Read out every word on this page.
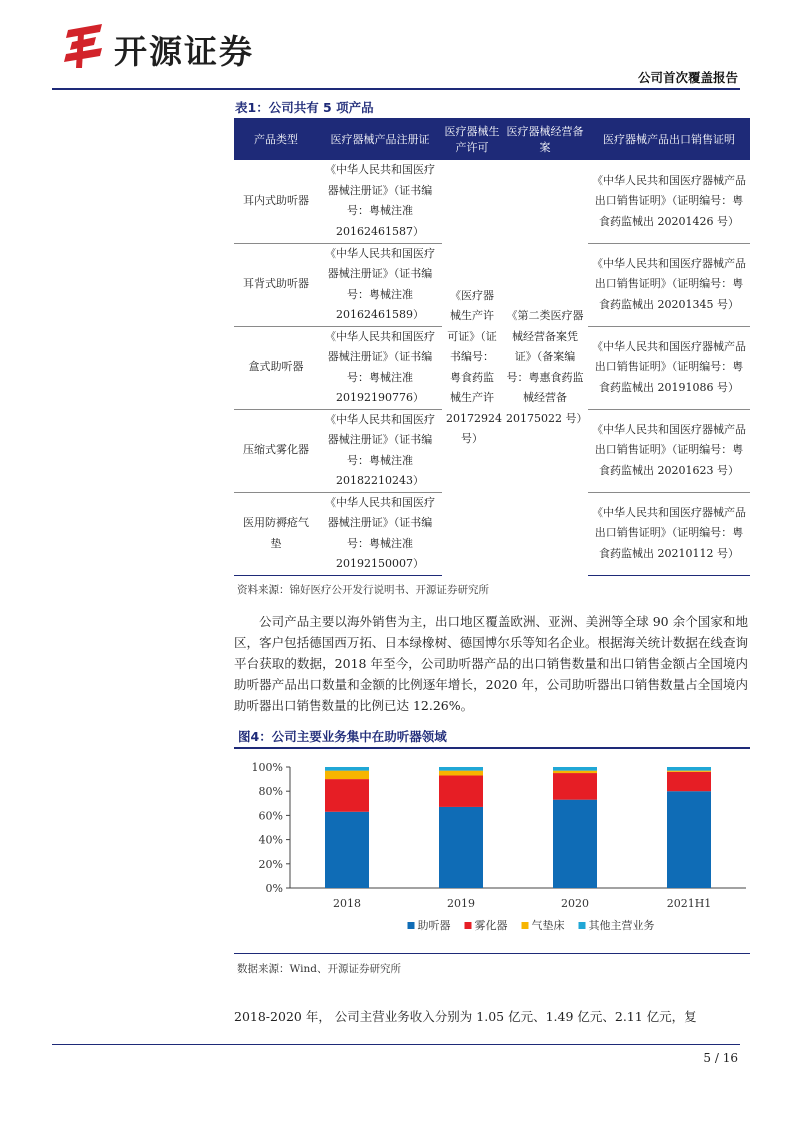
开源证券
公司首次覆盖报告
表1：公司共有 5 项产品
产品类型	医疗器械产品注册证	医疗器械生产许可	医疗器械经营备案	医疗器械产品出口销售证明
耳内式助听器	《中华人民共和国医疗器械注册证》（证书编号：粤械注准 20162461587）	《医疗器械生产许可证》（证书编号：粤食药监械生产许 20172924 号）	《第二类医疗器械经营备案凭证》（备案编号：粤惠食药监械经营备 20175022 号）	《中华人民共和国医疗器械产品出口销售证明》（证明编号：粤食药监械出 20201426 号）
耳背式助听器	《中华人民共和国医疗器械注册证》（证书编号：粤械注准 20162461589）			《中华人民共和国医疗器械产品出口销售证明》（证明编号：粤食药监械出 20201345 号）
盒式助听器	《中华人民共和国医疗器械注册证》（证书编号：粤械注准 20192190776）			《中华人民共和国医疗器械产品出口销售证明》（证明编号：粤食药监械出 20191086 号）
压缩式雾化器	《中华人民共和国医疗器械注册证》（证书编号：粤械注准 20182210243）			《中华人民共和国医疗器械产品出口销售证明》（证明编号：粤食药监械出 20201623 号）
医用防褥疮气垫	《中华人民共和国医疗器械注册证》（证书编号：粤械注准 20192150007）			《中华人民共和国医疗器械产品出口销售证明》（证明编号：粤食药监械出 20210112 号）
资料来源：锦好医疗公开发行说明书、开源证券研究所
公司产品主要以海外销售为主，出口地区覆盖欧洲、亚洲、美洲等全球 90 余个国家和地区，客户包括德国西万拓、日本绿橡树、德国博尔乐等知名企业。根据海关统计数据在线查询平台获取的数据，2018 年至今，公司助听器产品的出口销售数量和出口销售金额占全国境内助听器产品出口数量和金额的比例逐年增长，2020 年，公司助听器出口销售数量占全国境内助听器出口销售数量的比例已达 12.26%。
图4：公司主要业务集中在助听器领域
0%
20%
40%
60%
80%
100%
2018	2019	2020	2021H1
助听器 雾化器 气垫床 其他主营业务
数据来源：Wind、开源证券研究所
2018-2020 年， 公司主营业务收入分别为 1.05 亿元、1.49 亿元、2.11 亿元，复
5 / 16
